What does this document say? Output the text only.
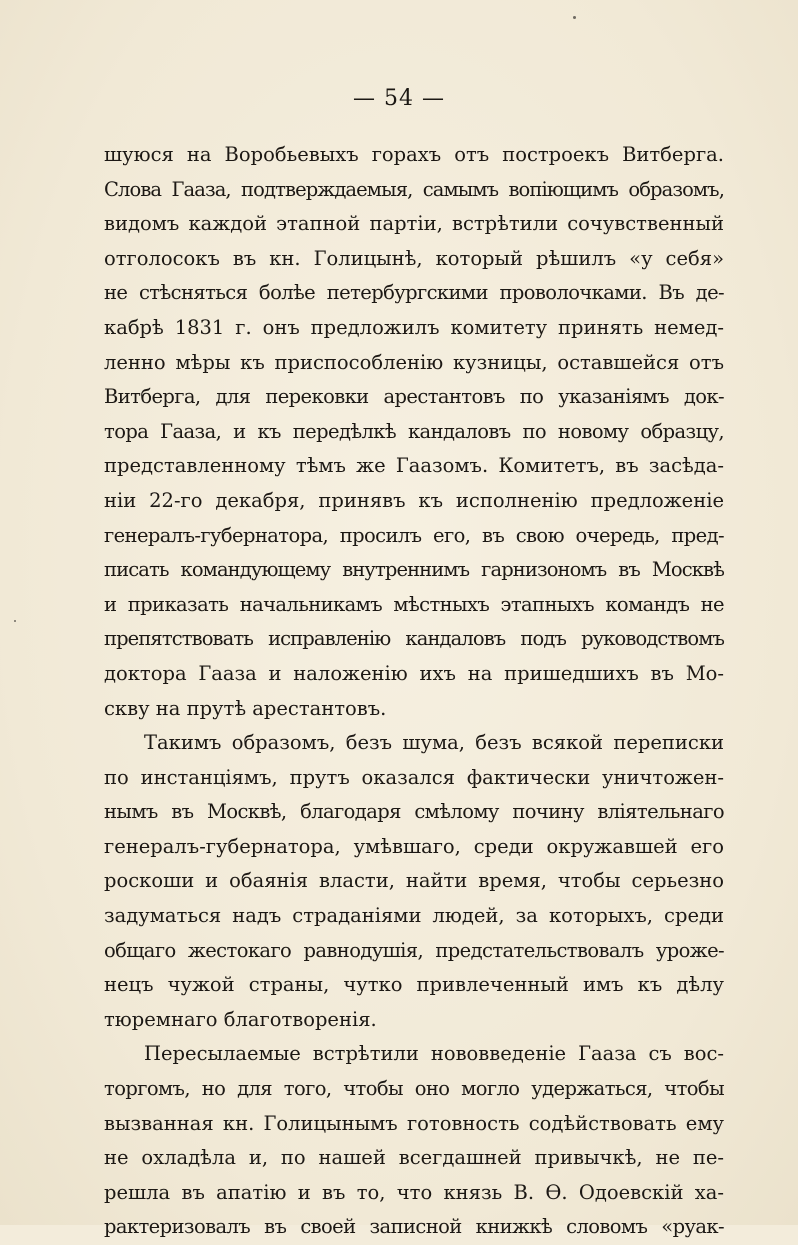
— 54 —
шуюся на Воробьевыхъ горахъ отъ построекъ Витберга.
Слова Гааза, подтверждаемыя, самымъ вопіющимъ образомъ,
видомъ каждой этапной партіи, встрѣтили сочувственный
отголосокъ въ кн. Голицынѣ, который рѣшилъ «у себя»
не стѣсняться болѣе петербургскими проволочками. Въ де-
кабрѣ 1831 г. онъ предложилъ комитету принять немед-
ленно мѣры къ приспособленію кузницы, оставшейся отъ
Витберга, для перековки арестантовъ по указаніямъ док-
тора Гааза, и къ передѣлкѣ кандаловъ по новому образцу,
представленному тѣмъ же Гаазомъ. Комитетъ, въ засѣда-
ніи 22-го декабря, принявъ къ исполненію предложеніе
генералъ-губернатора, просилъ его, въ свою очередь, пред-
писать командующему внутреннимъ гарнизономъ въ Москвѣ
и приказать начальникамъ мѣстныхъ этапныхъ командъ не
препятствовать исправленію кандаловъ подъ руководствомъ
доктора Гааза и наложенію ихъ на пришедшихъ въ Мо-
скву на прутѣ арестантовъ.
Такимъ образомъ, безъ шума, безъ всякой переписки
по инстанціямъ, прутъ оказался фактически уничтожен-
нымъ въ Москвѣ, благодаря смѣлому почину вліятельнаго
генералъ-губернатора, умѣвшаго, среди окружавшей его
роскоши и обаянія власти, найти время, чтобы серьезно
задуматься надъ страданіями людей, за которыхъ, среди
общаго жестокаго равнодушія, предстательствовалъ уроже-
нецъ чужой страны, чутко привлеченный имъ къ дѣлу
тюремнаго благотворенія.
Пересылаемые встрѣтили нововведеніе Гааза съ вос-
торгомъ, но для того, чтобы оно могло удержаться, чтобы
вызванная кн. Голицынымъ готовность содѣйствовать ему
не охладѣла и, по нашей всегдашней привычкѣ, не пе-
решла въ апатію и въ то, что князь В. Ѳ. Одоевскій ха-
рактеризовалъ въ своей записной книжкѣ словомъ «руак-
